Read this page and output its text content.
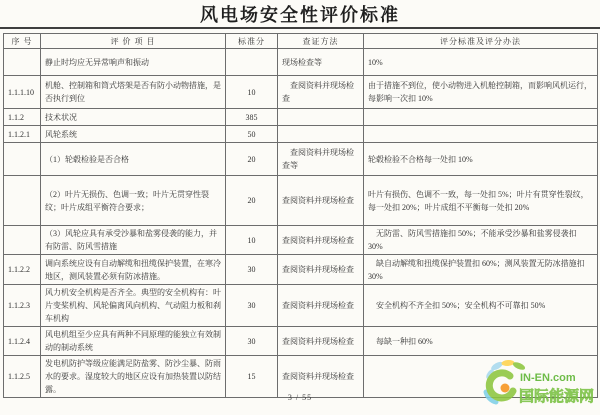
风电场安全性评价标准
序 号	评 价 项 目	标准分	查证方法	评分标准及评分办法
	静止时均应无异常响声和振动		现场检查等	10%
1.1.1.10	机舱、控制箱和筒式塔架是否有防小动物措施，是否执行到位	10	查阅资料并现场检查	由于措施不到位，使小动物进入机舱控制箱，而影响风机运行，每影响一次扣 10%
1.1.2	技术状况	385		
1.1.2.1	风轮系统	50		
	（1）轮毂检验是否合格	20	查阅资料并现场检查等	轮毂检验不合格每一处扣 10%
	（2）叶片无损伤、色调一致；叶片无贯穿性裂纹；叶片成组平衡符合要求；	20	查阅资料并现场检查	叶片有损伤、色调不一致，每一处扣 5%；叶片有贯穿性裂纹，每一处扣 20%；叶片成组不平衡每一处扣 20%
	（3）风轮应具有承受沙暴和盐雾侵袭的能力，并有防雷、防风雪措施	10	查阅资料并现场检查	无防雷、防风雪措施扣 50%；不能承受沙暴和盐雾侵袭扣 30%
1.1.2.2	调向系统应设有自动解缆和扭缆保护装置，在寒冷地区，测风装置必须有防冰措施。	30	查阅资料并现场检查	缺自动解缆和扭缆保护装置扣 60%；测风装置无防冰措施扣 30%
1.1.2.3	风力机安全机构是否齐全。典型的安全机构有：叶片变桨机构、风轮偏离风向机构、气动阻力板和刹车机构	30	查阅资料并现场检查	安全机构不齐全扣 50%；安全机构不可靠扣 50%
1.1.2.4	风电机组至少应具有两种不同原理的能独立有效制动的制动系统	30	查阅资料并现场检查	每缺一种扣 60%
1.1.2.5	发电机防护等级应能满足防盐雾、防沙尘暴、防雨水的要求。湿度较大的地区应设有加热装置以防结露。	15	查阅资料并现场检查	
3 / 55
IN-EN.com
国际能源网
